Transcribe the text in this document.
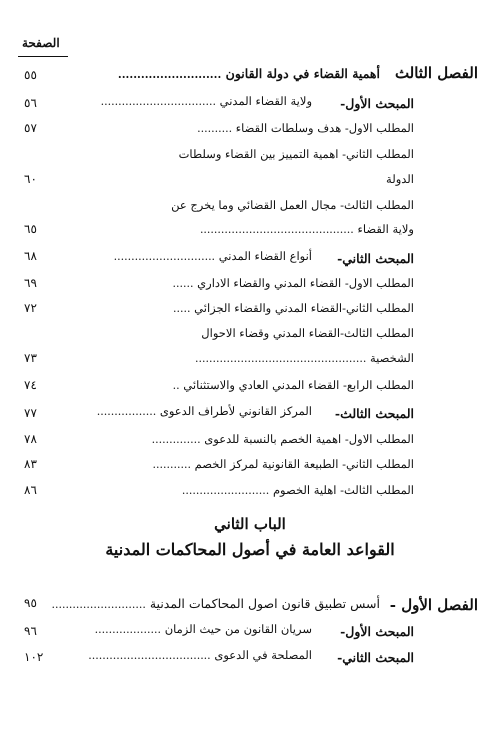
الصفحة
الفصل الثالث
أهمية القضاء في دولة القانون ...........................
٥٥
المبحث الأول-
ولاية القضاء المدني .................................
٥٦
المطلب الاول- هدف وسلطات القضاء ..........
٥٧
المطلب الثاني- اهمية التمييز بين القضاء وسلطات
الدولة
٦٠
المطلب الثالث- مجال العمل القضائي وما يخرج عن
ولاية القضاء ............................................
٦٥
المبحث الثاني-
أنواع القضاء المدني .............................
٦٨
المطلب الاول- القضاء المدني والقضاء الاداري ......
٦٩
المطلب الثاني-القضاء المدني والقضاء الجزائي .....
٧٢
المطلب الثالث-القضاء المدني وقضاء الاحوال
الشخصية .................................................
٧٣
المطلب الرابع- القضاء المدني العادي والاستثنائي ..
٧٤
المبحث الثالث-
المركز القانوني لأطراف الدعوى .................
٧٧
المطلب الاول- اهمية الخصم بالنسبة للدعوى ..............
٧٨
المطلب الثاني- الطبيعة القانونية لمركز الخصم ...........
٨٣
المطلب الثالث- اهلية الخصوم .........................
٨٦
الباب الثاني
القواعد العامة في أصول المحاكمات المدنية
الفصل الأول -
أسس تطبيق قانون اصول المحاكمات المدنية ...........................
٩٥
المبحث الأول-
سريان القانون من حيث الزمان ...................
٩٦
المبحث الثاني-
المصلحة في الدعوى ...................................
١٠٢
